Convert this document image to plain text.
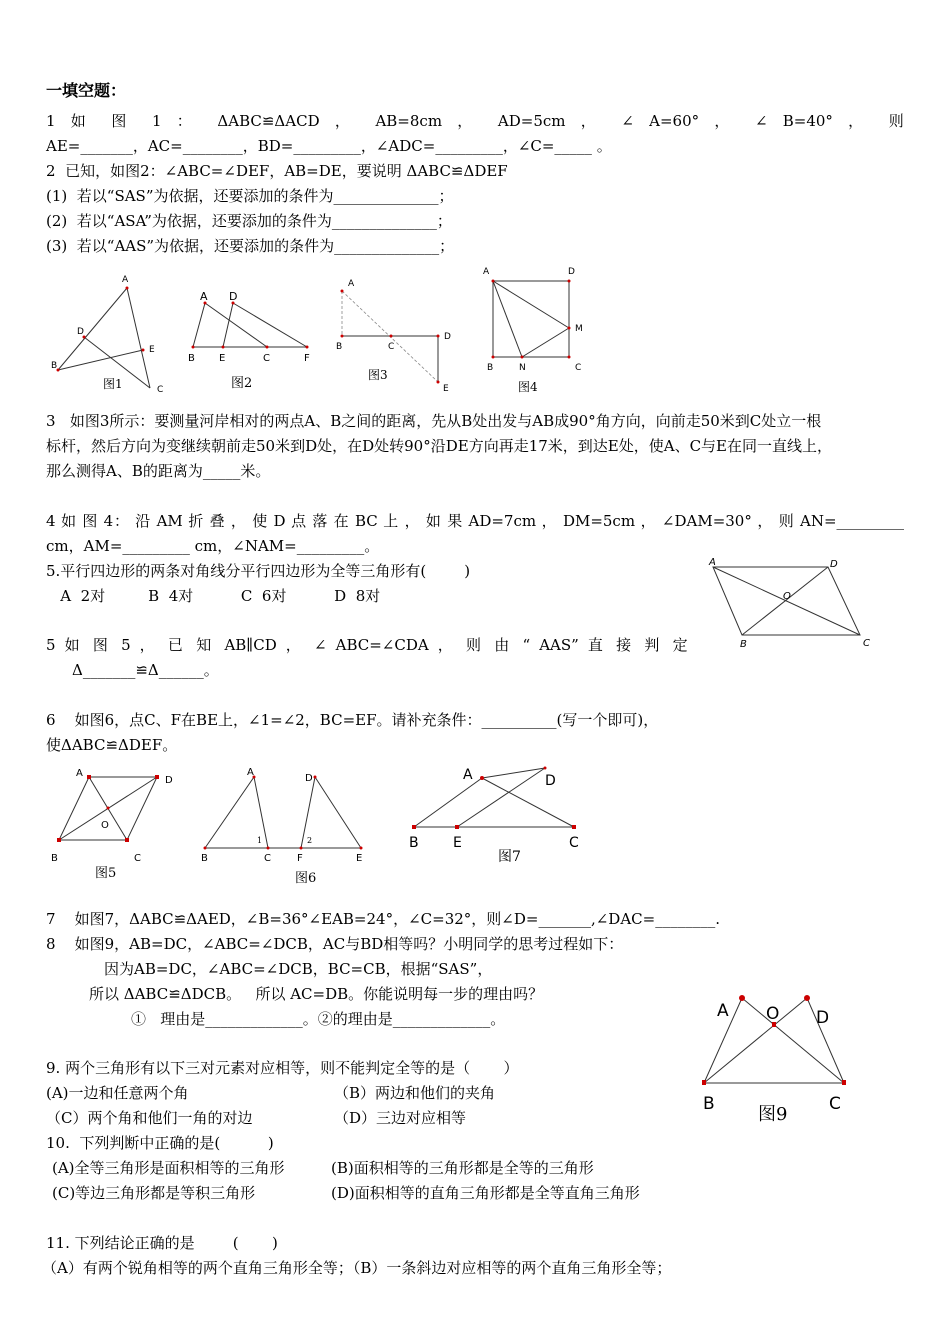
一填空题：
1 如 图 1 ： ΔABC≌ΔACD ， AB=8cm ， AD=5cm ， ∠ A=60° ， ∠ B=40° ， 则
AE=_______，AC=________，BD=_________，∠ADC=_________，∠C=_____ 。
2  已知，如图2：∠ABC=∠DEF，AB=DE，要说明 ΔABC≌ΔDEF
(1)  若以“SAS”为依据，还要添加的条件为______________；
(2)  若以“ASA”为依据，还要添加的条件为______________；
(3)  若以“AAS”为依据，还要添加的条件为______________；
A
D
B
E
C
图1
A D
B E	C	F
图2
A
D
B	C
E
图3
A	D
M
B	N	C
图4
3   如图3所示：要测量河岸相对的两点A、B之间的距离，先从B处出发与AB成90°角方向，向前走50米到C处立一根
标杆，然后方向为变继续朝前走50米到D处，在D处转90°沿DE方向再走17米，到达E处，使A、C与E在同一直线上，
那么测得A、B的距离为_____米。
4 如 图 4： 沿 AM 折 叠 ， 使 D 点 落 在 BC 上 ， 如 果 AD=7cm ， DM=5cm ， ∠DAM=30° ， 则 AN=_________
cm，AM=_________ cm，∠NAM=_________。
5.平行四边形的两条对角线分平行四边形为全等三角形有(        )
A  2对         B  4对          C  6对          D  8对
A	D
O
B	C
5 如 图 5 ， 已 知 AB∥CD ， ∠ ABC=∠CDA ， 则 由 “ AAS” 直 接 判 定
Δ_______≌Δ______。
6    如图6，点C、F在BE上，∠1=∠2，BC=EF。请补充条件：__________(写一个即可)，
使ΔABC≌ΔDEF。
A
D
O
B	C
图5
A
D
1	2
B	C	F	E
图6
A	D
B E	C
图7
7    如图7，ΔABC≌ΔAED，∠B=36°∠EAB=24°，∠C=32°，则∠D=_______,∠DAC=________.
8    如图9，AB=DC，∠ABC=∠DCB，AC与BD相等吗？小明同学的思考过程如下：
因为AB=DC，∠ABC=∠DCB，BC=CB，根据“SAS”，
所以 ΔABC≌ΔDCB。   所以 AC=DB。你能说明每一步的理由吗？
①   理由是_____________。②的理由是_____________。	A O D
B	C
图9
9. 两个三角形有以下三对元素对应相等，则不能判定全等的是（       ）
(A)一边和任意两个角	（B）两边和他们的夹角
（C）两个角和他们一角的对边	（D）三边对应相等
10.  下列判断中正确的是(          )
(A)全等三角形是面积相等的三角形	(B)面积相等的三角形都是全等的三角形
(C)等边三角形都是等积三角形	(D)面积相等的直角三角形都是全等直角三角形
11. 下列结论正确的是        (       )
（A）有两个锐角相等的两个直角三角形全等；（B）一条斜边对应相等的两个直角三角形全等；
